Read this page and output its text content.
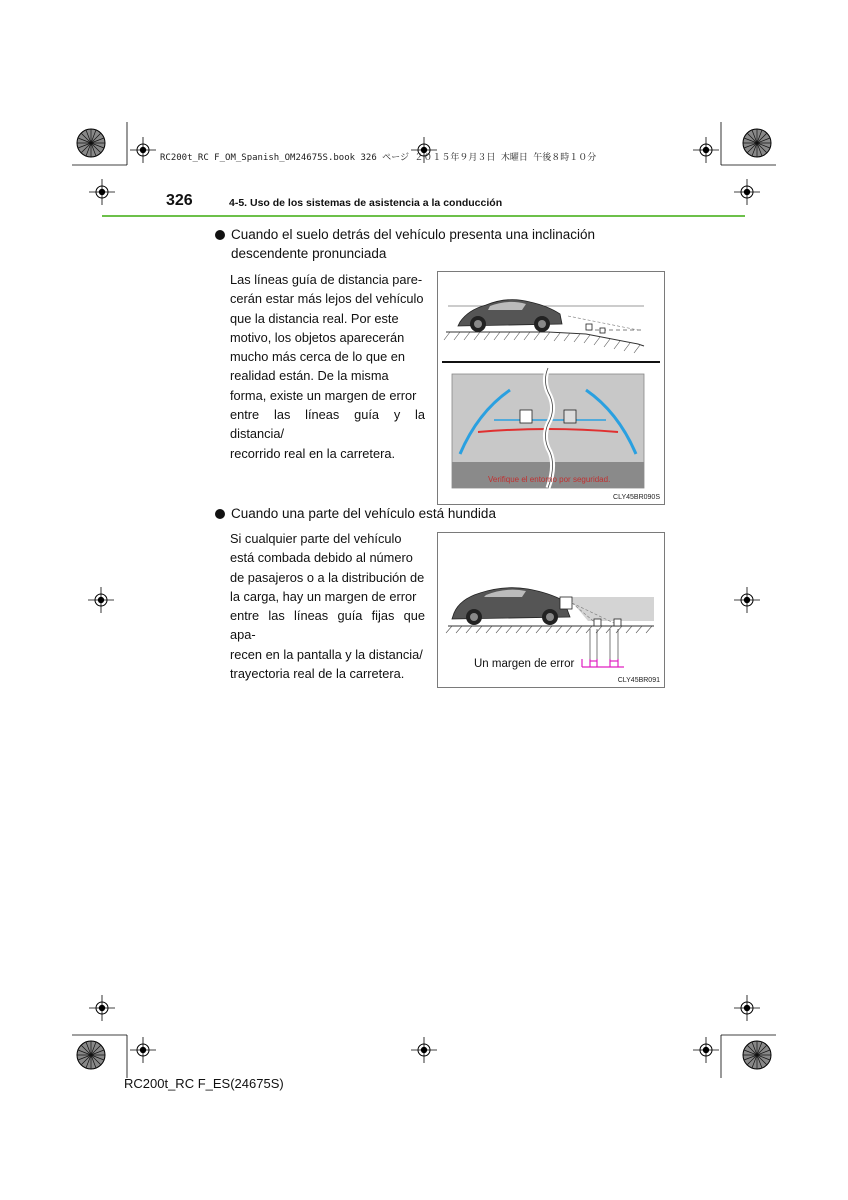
RC200t_RC F_OM_Spanish_OM24675S.book 326 ページ ２０１５年９月３日 木曜日 午後８時１０分
326	4-5. Uso de los sistemas de asistencia a la conducción
Cuando el suelo detrás del vehículo presenta una inclinación descendente pronunciada
Las líneas guía de distancia pare-
cerán estar más lejos del vehículo
que la distancia real. Por este
motivo, los objetos aparecerán
mucho más cerca de lo que en
realidad están. De la misma
forma, existe un margen de error
entre las líneas guía y la distancia/
recorrido real en la carretera.
Verifique el entorno por seguridad.
CLY45BR090S
Cuando una parte del vehículo está hundida
Si cualquier parte del vehículo
está combada debido al número
de pasajeros o a la distribución de
la carga, hay un margen de error
entre las líneas guía fijas que apa-
recen en la pantalla y la distancia/
trayectoria real de la carretera.
Un margen de error
CLY45BR091
RC200t_RC F_ES(24675S)
